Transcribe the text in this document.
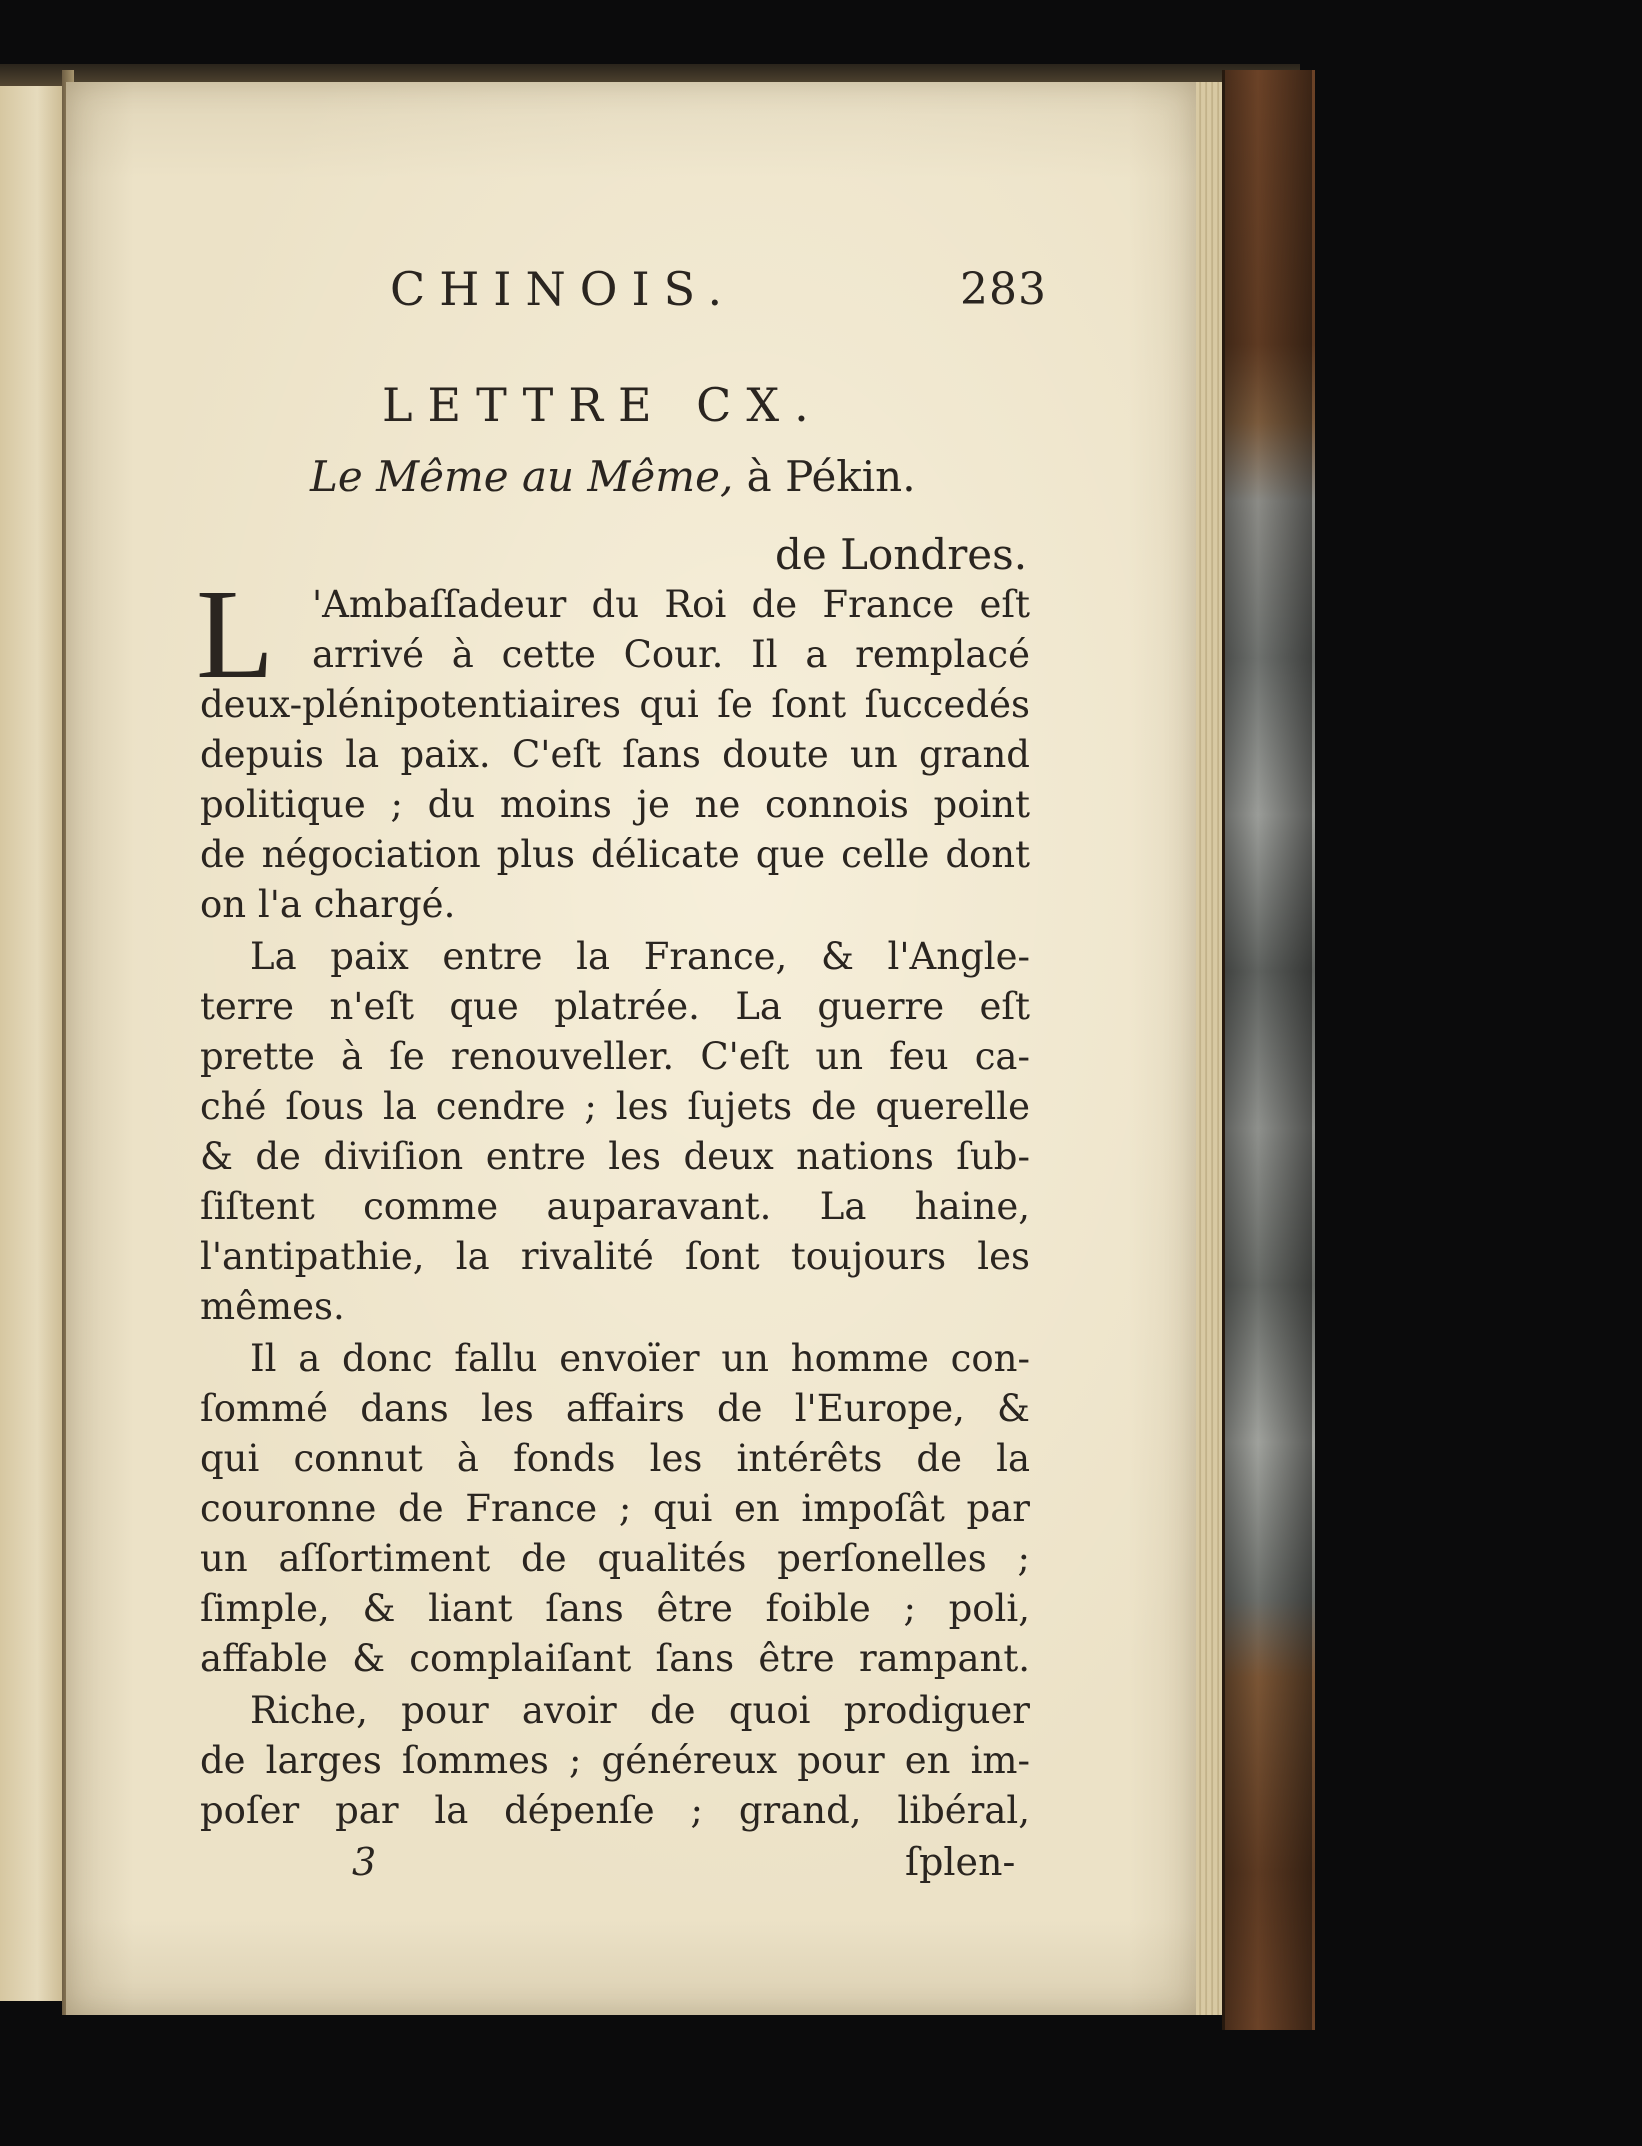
CHINOIS.	283
LETTRE CX.
Le Même au Même, à Pékin.
de Londres.
L 'Ambaſſadeur du Roi de France eſt
arrivé à cette Cour. Il a remplacé
deux-plénipotentiaires qui ſe ſont ſuccedés
depuis la paix. C'eſt ſans doute un grand
politique ; du moins je ne connois point
de négociation plus délicate que celle dont
on l'a chargé.
La paix entre la France, & l'Angle-
terre n'eſt que platrée. La guerre eſt
prette à ſe renouveller. C'eſt un feu ca-
ché ſous la cendre ; les ſujets de querelle
& de diviſion entre les deux nations ſub-
ſiſtent comme auparavant. La haine,
l'antipathie, la rivalité ſont toujours les
mêmes.
Il a donc fallu envoïer un homme con-
ſommé dans les affairs de l'Europe, &
qui connut à fonds les intérêts de la
couronne de France ; qui en impoſât par
un aſſortiment de qualités perſonelles ;
ſimple, & liant ſans être foible ; poli,
affable & complaiſant ſans être rampant.
Riche, pour avoir de quoi prodiguer
de larges ſommes ; généreux pour en im-
poſer par la dépenſe ; grand, libéral,
3	ſplen-
